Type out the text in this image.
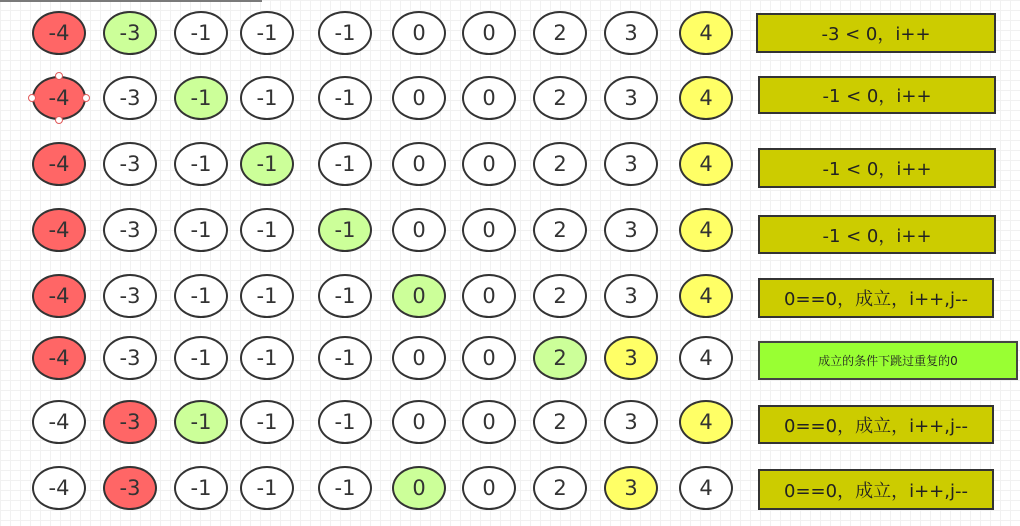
-4	-3	-1	-1	-1	0	0	2	3	4	-3 < 0，i++
-4	-3	-1	-1	-1	0	0	2	3	4	-1 < 0，i++
-4	-3	-1	-1	-1	0	0	2	3	4	-1 < 0，i++
-4	-3	-1	-1	-1	0	0	2	3	4	-1 < 0，i++
-4	-3	-1	-1	-1	0	0	2	3	4	0==0，成立，i++,j--
-4	-3	-1	-1	-1	0	0	2	3	4	成立的条件下跳过重复的0
-4	-3	-1	-1	-1	0	0	2	3	4	0==0，成立，i++,j--
-4	-3	-1	-1	-1	0	0	2	3	4	0==0，成立，i++,j--
